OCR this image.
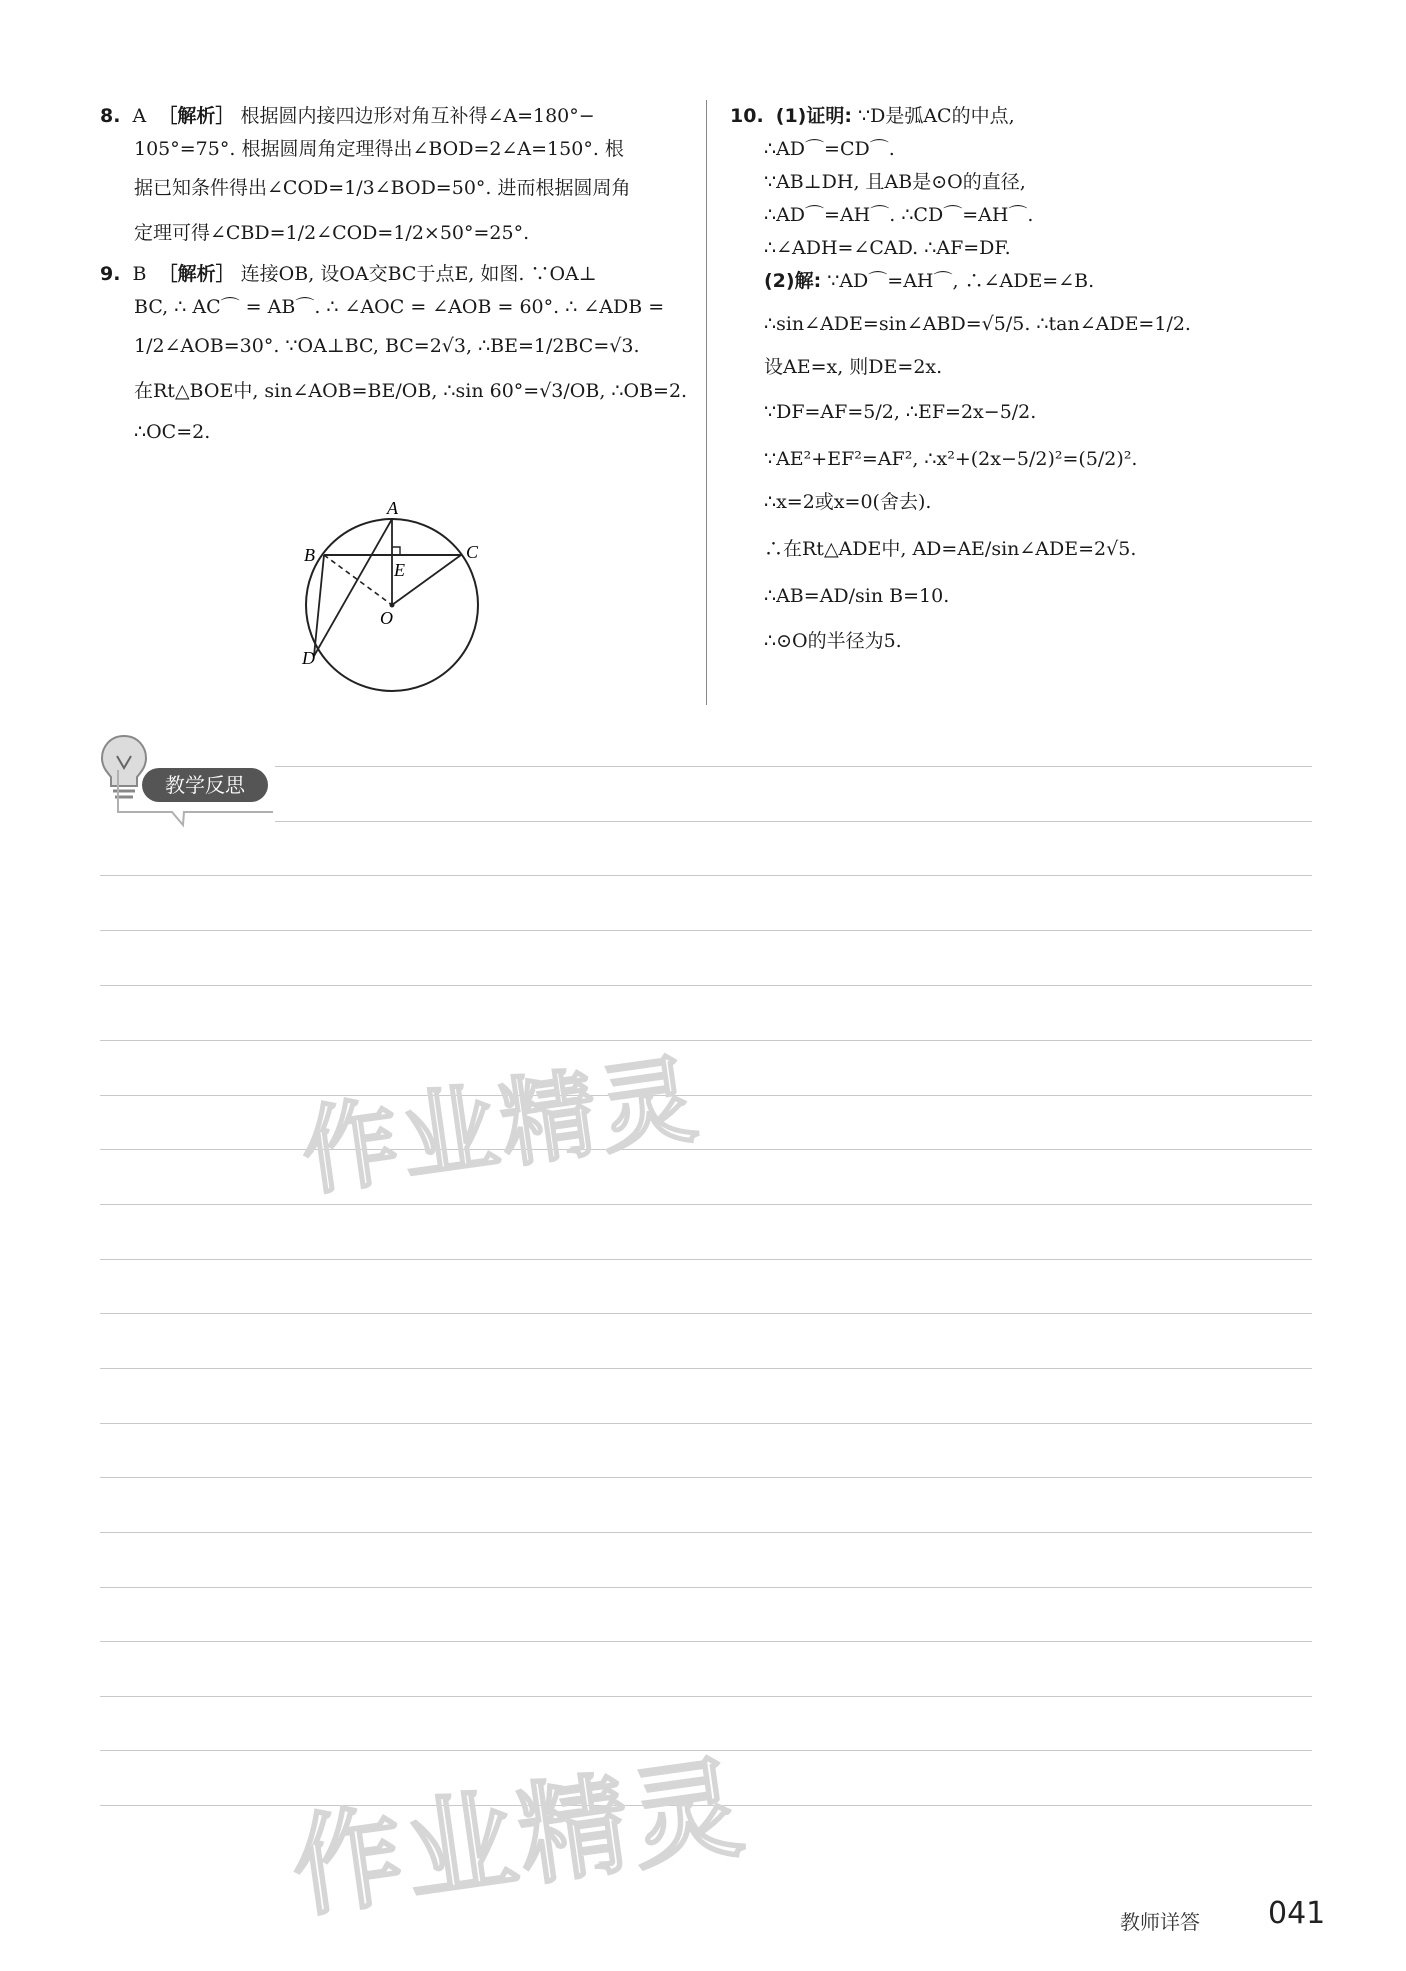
8. A ［解析］ 根据圆内接四边形对角互补得∠A=180°−
105°=75°. 根据圆周角定理得出∠BOD=2∠A=150°. 根
据已知条件得出∠COD=1/3∠BOD=50°. 进而根据圆周角
定理可得∠CBD=1/2∠COD=1/2×50°=25°.
9. B ［解析］ 连接OB, 设OA交BC于点E, 如图. ∵OA⊥
BC, ∴ AC⌒ = AB⌒. ∴ ∠AOC = ∠AOB = 60°. ∴ ∠ADB =
1/2∠AOB=30°. ∵OA⊥BC, BC=2√3, ∴BE=1/2BC=√3.
在Rt△BOE中, sin∠AOB=BE/OB, ∴sin 60°=√3/OB, ∴OB=2.
∴OC=2.
A
B	C
D
E
O
10. (1)证明: ∵D是弧AC的中点,
∴AD⌒=CD⌒.
∵AB⊥DH, 且AB是⊙O的直径,
∴AD⌒=AH⌒. ∴CD⌒=AH⌒.
∴∠ADH=∠CAD. ∴AF=DF.
(2)解: ∵AD⌒=AH⌒, ∴∠ADE=∠B.
∴sin∠ADE=sin∠ABD=√5/5. ∴tan∠ADE=1/2.
设AE=x, 则DE=2x.
∵DF=AF=5/2, ∴EF=2x−5/2.
∵AE²+EF²=AF², ∴x²+(2x−5/2)²=(5/2)².
∴x=2或x=0(舍去).
∴在Rt△ADE中, AD=AE/sin∠ADE=2√5.
∴AB=AD/sin B=10.
∴⊙O的半径为5.
教学反思
作业精灵
作业精灵	教师详答 041
